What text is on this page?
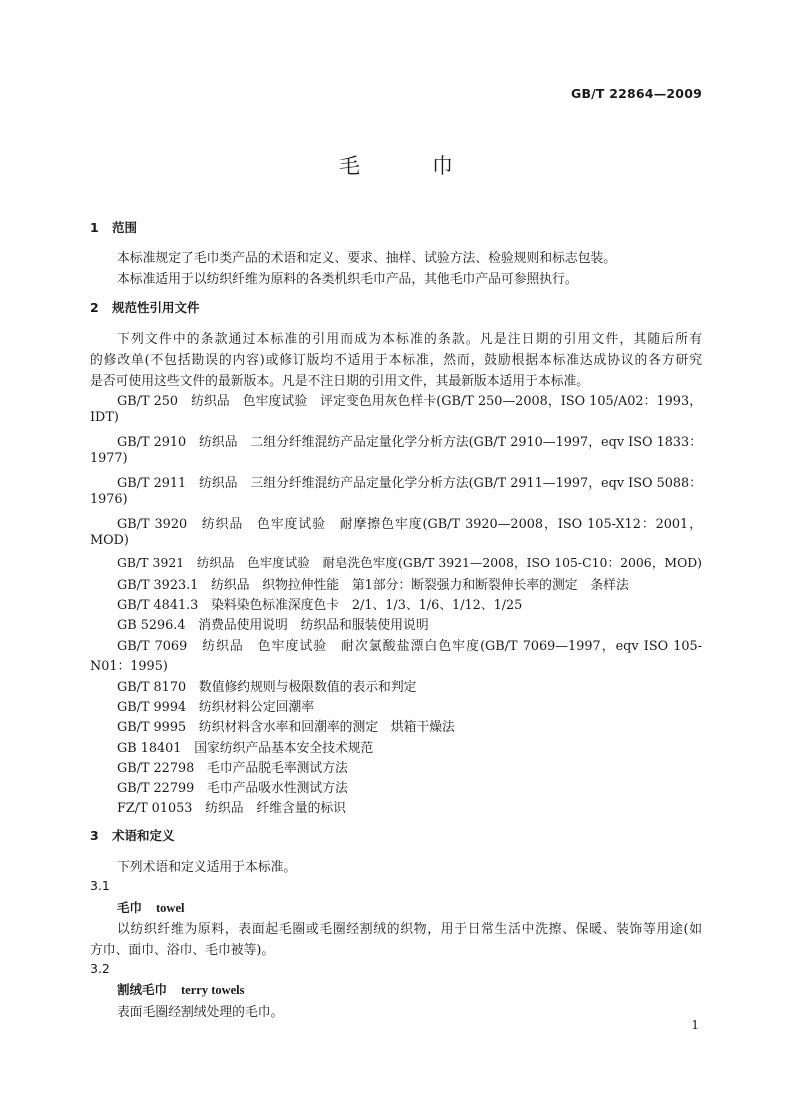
GB/T 22864—2009
毛巾
1 范围
本标准规定了毛巾类产品的术语和定义、要求、抽样、试验方法、检验规则和标志包装。
本标准适用于以纺织纤维为原料的各类机织毛巾产品，其他毛巾产品可参照执行。
2 规范性引用文件
下列文件中的条款通过本标准的引用而成为本标准的条款。凡是注日期的引用文件，其随后所有
的修改单(不包括勘误的内容)或修订版均不适用于本标准，然而，鼓励根据本标准达成协议的各方研究
是否可使用这些文件的最新版本。凡是不注日期的引用文件，其最新版本适用于本标准。
GB/T 250　纺织品　色牢度试验　评定变色用灰色样卡(GB/T 250—2008，ISO 105/A02：1993，
IDT)
GB/T 2910　纺织品　二组分纤维混纺产品定量化学分析方法(GB/T 2910—1997，eqv ISO 1833：
1977)
GB/T 2911　纺织品　三组分纤维混纺产品定量化学分析方法(GB/T 2911—1997，eqv ISO 5088：
1976)
GB/T 3920　纺织品　色牢度试验　耐摩擦色牢度(GB/T 3920—2008，ISO 105-X12：2001，
MOD)
GB/T 3921　纺织品　色牢度试验　耐皂洗色牢度(GB/T 3921—2008，ISO 105-C10：2006，MOD)
GB/T 3923.1　纺织品　织物拉伸性能　第1部分：断裂强力和断裂伸长率的测定　条样法
GB/T 4841.3　染料染色标准深度色卡　2/1、1/3、1/6、1/12、1/25
GB 5296.4　消费品使用说明　纺织品和服装使用说明
GB/T 7069　纺织品　色牢度试验　耐次氯酸盐漂白色牢度(GB/T 7069—1997，eqv ISO 105-
N01：1995)
GB/T 8170　数值修约规则与极限数值的表示和判定
GB/T 9994　纺织材料公定回潮率
GB/T 9995　纺织材料含水率和回潮率的测定　烘箱干燥法
GB 18401　国家纺织产品基本安全技术规范
GB/T 22798　毛巾产品脱毛率测试方法
GB/T 22799　毛巾产品吸水性测试方法
FZ/T 01053　纺织品　纤维含量的标识
3 术语和定义
下列术语和定义适用于本标准。
3.1
毛巾 towel
以纺织纤维为原料，表面起毛圈或毛圈经割绒的织物，用于日常生活中洗擦、保暖、装饰等用途(如
方巾、面巾、浴巾、毛巾被等)。
3.2
割绒毛巾 terry towels
表面毛圈经割绒处理的毛巾。
1
